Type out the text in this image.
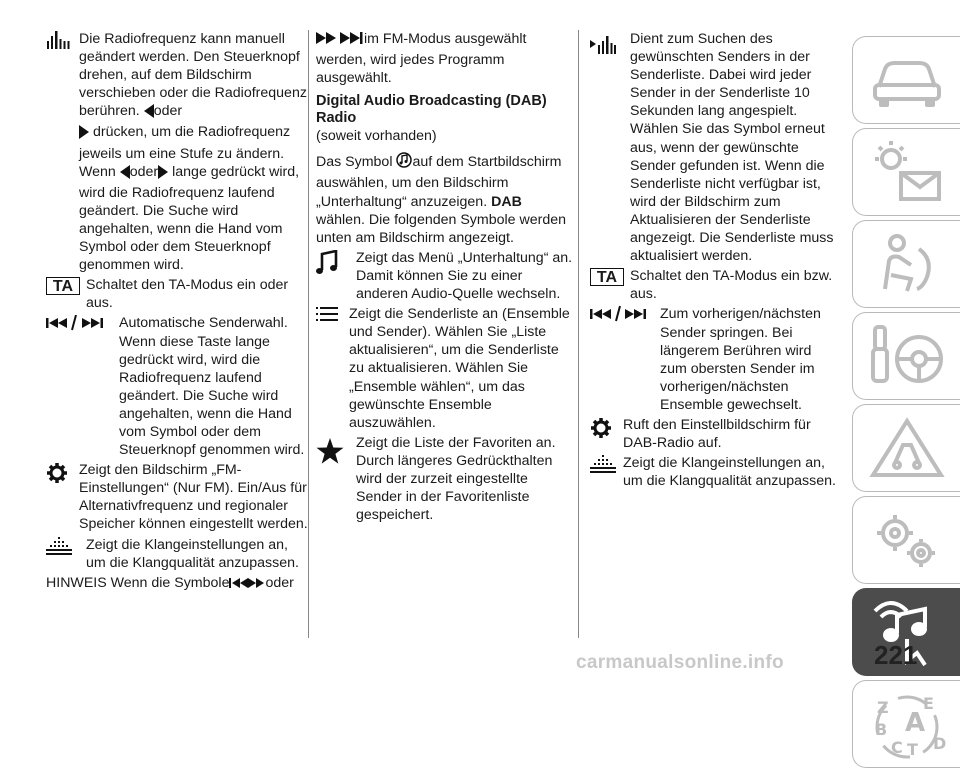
Die Radiofrequenz kann manuell geändert werden. Den Steuerknopf drehen, auf dem Bildschirm verschieben oder die Radiofrequenz berühren. oder
drücken, um die Radiofrequenz jeweils um eine Stufe zu ändern. Wenn oder lange gedrückt wird, wird die Radiofrequenz laufend geändert. Die Suche wird angehalten, wenn die Hand vom Symbol oder dem Steuerknopf genommen wird.
TA Schaltet den TA-Modus ein oder aus.
Automatische Senderwahl. Wenn diese Taste lange gedrückt wird, wird die Radiofrequenz laufend geändert. Die Suche wird angehalten, wenn die Hand vom Symbol oder dem Steuerknopf genommen wird.
Zeigt den Bildschirm „FM-Einstellungen“ (Nur FM). Ein/Aus für Alternativfrequenz und regionaler Speicher können eingestellt werden.
Zeigt die Klangeinstellungen an, um die Klangqualität anzupassen.

HINWEIS Wenn die Symbole	oder

im FM-Modus ausgewählt werden, wird jedes Programm ausgewählt.

Digital Audio Broadcasting (DAB) Radio

(soweit vorhanden)

Das Symbol auf dem Startbildschirm auswählen, um den Bildschirm „Unterhaltung“ anzuzeigen. DAB wählen. Die folgenden Symbole werden unten am Bildschirm angezeigt.

Zeigt das Menü „Unterhaltung“ an. Damit können Sie zu einer anderen Audio-Quelle wechseln.
Zeigt die Senderliste an (Ensemble und Sender). Wählen Sie „Liste aktualisieren“, um die Senderliste zu aktualisieren. Wählen Sie „Ensemble wählen“, um das gewünschte Ensemble auszuwählen.
Zeigt die Liste der Favoriten an. Durch längeres Gedrückthalten wird der zurzeit eingestellte Sender in der Favoritenliste gespeichert.
Dient zum Suchen des gewünschten Senders in der Senderliste. Dabei wird jeder Sender in der Senderliste 10 Sekunden lang angespielt. Wählen Sie das Symbol erneut aus, wenn der gewünschte Sender gefunden ist. Wenn die Senderliste nicht verfügbar ist, wird der Bildschirm zum Aktualisieren der Senderliste angezeigt. Die Senderliste muss aktualisiert werden.
TA Schaltet den TA-Modus ein bzw. aus.
Zum vorherigen/nächsten Sender springen. Bei längerem Berühren wird zum obersten Sender im vorherigen/nächsten Ensemble gewechselt.
Ruft den Einstellbildschirm für DAB-Radio auf.
Zeigt die Klangeinstellungen an, um die Klangqualität anzupassen.
Z E
A
B
C T D
221
carmanualsonline.info
